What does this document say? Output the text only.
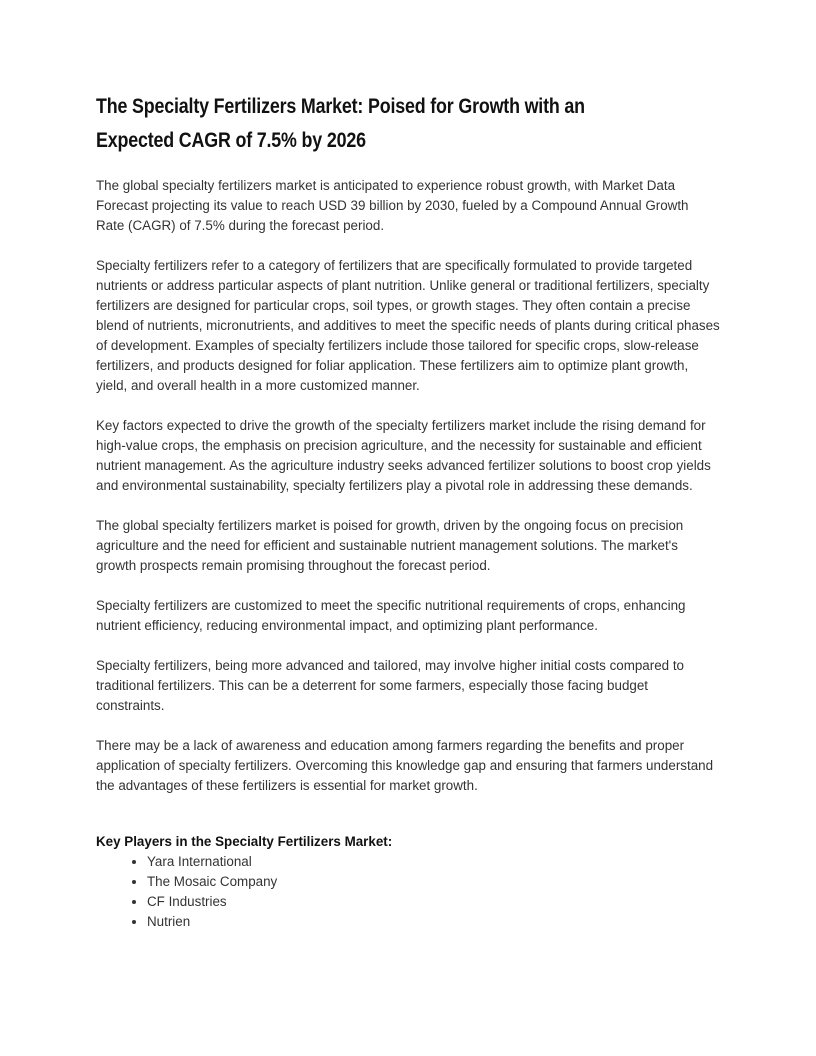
The Specialty Fertilizers Market: Poised for Growth with an
Expected CAGR of 7.5% by 2026

The global specialty fertilizers market is anticipated to experience robust growth, with Market Data Forecast projecting its value to reach USD 39 billion by 2030, fueled by a Compound Annual Growth Rate (CAGR) of 7.5% during the forecast period.

Specialty fertilizers refer to a category of fertilizers that are specifically formulated to provide targeted nutrients or address particular aspects of plant nutrition. Unlike general or traditional fertilizers, specialty fertilizers are designed for particular crops, soil types, or growth stages. They often contain a precise blend of nutrients, micronutrients, and additives to meet the specific needs of plants during critical phases of development. Examples of specialty fertilizers include those tailored for specific crops, slow-release fertilizers, and products designed for foliar application. These fertilizers aim to optimize plant growth, yield, and overall health in a more customized manner.

Key factors expected to drive the growth of the specialty fertilizers market include the rising demand for high-value crops, the emphasis on precision agriculture, and the necessity for sustainable and efficient nutrient management. As the agriculture industry seeks advanced fertilizer solutions to boost crop yields and environmental sustainability, specialty fertilizers play a pivotal role in addressing these demands.

The global specialty fertilizers market is poised for growth, driven by the ongoing focus on precision agriculture and the need for efficient and sustainable nutrient management solutions. The market's growth prospects remain promising throughout the forecast period.

Specialty fertilizers are customized to meet the specific nutritional requirements of crops, enhancing nutrient efficiency, reducing environmental impact, and optimizing plant performance.

Specialty fertilizers, being more advanced and tailored, may involve higher initial costs compared to traditional fertilizers. This can be a deterrent for some farmers, especially those facing budget constraints.

There may be a lack of awareness and education among farmers regarding the benefits and proper application of specialty fertilizers. Overcoming this knowledge gap and ensuring that farmers understand the advantages of these fertilizers is essential for market growth.

Key Players in the Specialty Fertilizers Market:
• Yara International
• The Mosaic Company
• CF Industries
• Nutrien
